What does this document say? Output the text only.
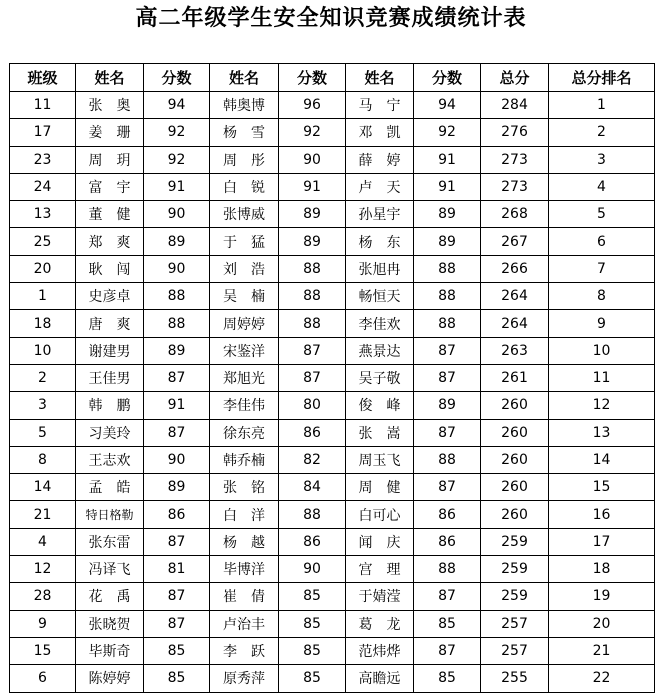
高二年级学生安全知识竞赛成绩统计表
班级	姓名	分数	姓名	分数	姓名	分数	总分	总分排名
11	张　奥	94	韩奥博	96	马　宁	94	284	1
17	姜　珊	92	杨　雪	92	邓　凯	92	276	2
23	周　玥	92	周　彤	90	薛　婷	91	273	3
24	富　宇	91	白　锐	91	卢　天	91	273	4
13	董　健	90	张博威	89	孙星宇	89	268	5
25	郑　爽	89	于　猛	89	杨　东	89	267	6
20	耿　闯	90	刘　浩	88	张旭冉	88	266	7
1	史彦卓	88	吴　楠	88	畅恒天	88	264	8
18	唐　爽	88	周婷婷	88	李佳欢	88	264	9
10	谢建男	89	宋鉴洋	87	燕景达	87	263	10
2	王佳男	87	郑旭光	87	吴子敬	87	261	11
3	韩　鹏	91	李佳伟	80	俊　峰	89	260	12
5	习美玲	87	徐东亮	86	张　嵩	87	260	13
8	王志欢	90	韩乔楠	82	周玉飞	88	260	14
14	孟　皓	89	张　铭	84	周　健	87	260	15
21	特日格勒	86	白　洋	88	白可心	86	260	16
4	张东雷	87	杨　越	86	闻　庆	86	259	17
12	冯译飞	81	毕博洋	90	宫　理	88	259	18
28	花　禹	87	崔　倩	85	于婧滢	87	259	19
9	张晓贺	87	卢治丰	85	葛　龙	85	257	20
15	毕斯奇	85	李　跃	85	范炜烨	87	257	21
6	陈婷婷	85	原秀萍	85	高瞻远	85	255	22
